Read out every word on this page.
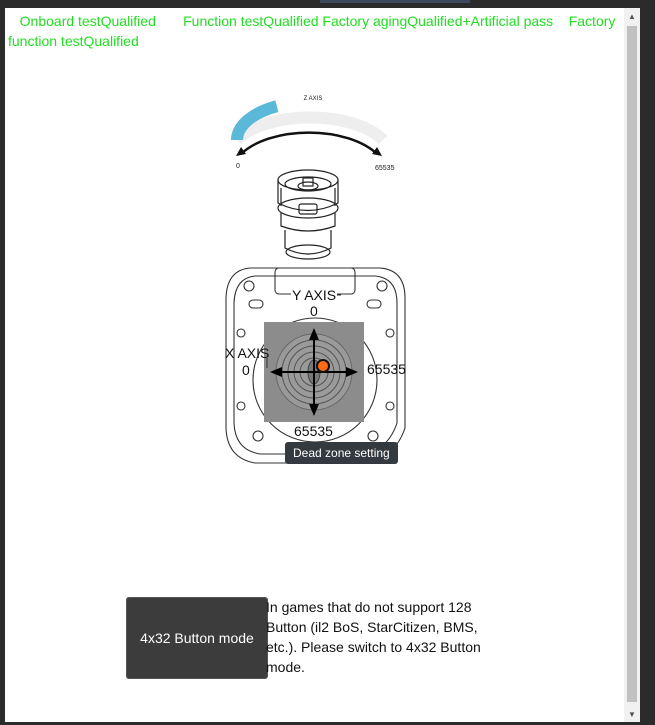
Onboard testQualified Function testQualified Factory agingQualified+Artificial pass Factory function testQualified
Z AXIS
0	65535
Y AXIS
0
65535
X AXIS
0	65535
Dead zone setting
4x32 Button mode
In games that do not support 128 Button (il2 BoS, StarCitizen, BMS, etc.). Please switch to 4x32 Button mode.
▲
▼
